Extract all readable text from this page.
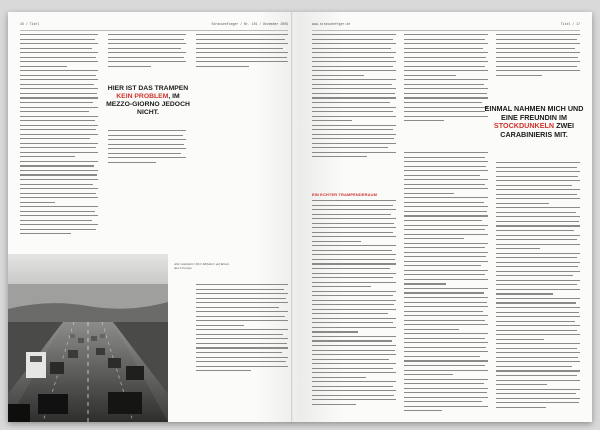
16 / Titel	Strassenfieger / Nr. 101 / Dezember 2009
HIER IST DAS TRAMPEN KEIN PROBLEM, IM MEZZO-GIORNO JEDOCH NICHT.
Alter Autofahrer führt Mitfahrer auf Reisen durch Europa
www.strassenfeger.de	Titel / 17
EIN ECHTER TRAMPENDERAUM
EINMAL NAHMEN MICH UND EINE FREUNDIN IM STOCKDUNKELN ZWEI CARABINIERIS MIT.
